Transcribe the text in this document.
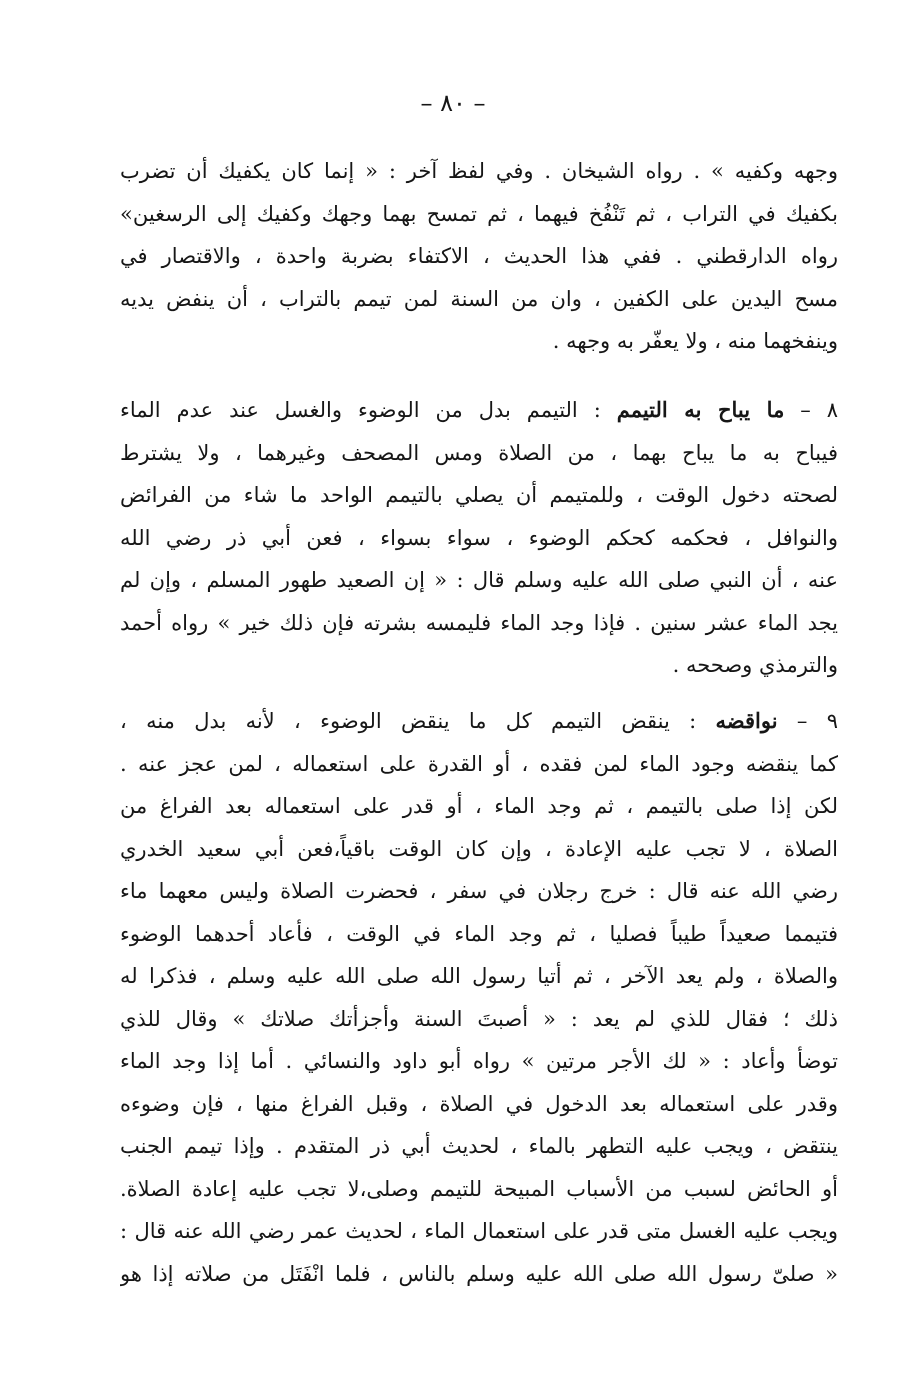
– ٨٠ –
وجهه وكفيه » . رواه الشيخان . وفي لفظ آخر : « إنما كان يكفيك أن تضرب
بكفيك في التراب ، ثم تَنْفُخ فيهما ، ثم تمسح بهما وجهك وكفيك إلى الرسغين»
رواه الدارقطني . ففي هذا الحديث ، الاكتفاء بضربة واحدة ، والاقتصار في
مسح اليدين على الكفين ، وان من السنة لمن تيمم بالتراب ، أن ينفض يديه
وينفخهما منه ، ولا يعفّر به وجهه .
٨ – ما يباح به التيمم : التيمم بدل من الوضوء والغسل عند عدم الماء
فيباح به ما يباح بهما ، من الصلاة ومس المصحف وغيرهما ، ولا يشترط
لصحته دخول الوقت ، وللمتيمم أن يصلي بالتيمم الواحد ما شاء من الفرائض
والنوافل ، فحكمه كحكم الوضوء ، سواء بسواء ، فعن أبي ذر رضي الله
عنه ، أن النبي صلى الله عليه وسلم قال : « إن الصعيد طهور المسلم ، وإن لم
يجد الماء عشر سنين . فإذا وجد الماء فليمسه بشرته فإن ذلك خير » رواه أحمد
والترمذي وصححه .
٩ – نواقضه : ينقض التيمم كل ما ينقض الوضوء ، لأنه بدل منه ،
كما ينقضه وجود الماء لمن فقده ، أو القدرة على استعماله ، لمن عجز عنه .
لكن إذا صلى بالتيمم ، ثم وجد الماء ، أو قدر على استعماله بعد الفراغ من
الصلاة ، لا تجب عليه الإعادة ، وإن كان الوقت باقياً،فعن أبي سعيد الخدري
رضي الله عنه قال : خرج رجلان في سفر ، فحضرت الصلاة وليس معهما ماء
فتيمما صعيداً طيباً فصليا ، ثم وجد الماء في الوقت ، فأعاد أحدهما الوضوء
والصلاة ، ولم يعد الآخر ، ثم أتيا رسول الله صلى الله عليه وسلم ، فذكرا له
ذلك ؛ فقال للذي لم يعد : « أصبتَ السنة وأجزأتك صلاتك » وقال للذي
توضأ وأعاد : « لك الأجر مرتين » رواه أبو داود والنسائي . أما إذا وجد الماء
وقدر على استعماله بعد الدخول في الصلاة ، وقبل الفراغ منها ، فإن وضوءه
ينتقض ، ويجب عليه التطهر بالماء ، لحديث أبي ذر المتقدم . وإذا تيمم الجنب
أو الحائض لسبب من الأسباب المبيحة للتيمم وصلى،لا تجب عليه إعادة الصلاة.
ويجب عليه الغسل متى قدر على استعمال الماء ، لحديث عمر رضي الله عنه قال :
« صلىّ رسول الله صلى الله عليه وسلم بالناس ، فلما انْفَتَل من صلاته إذا هو
